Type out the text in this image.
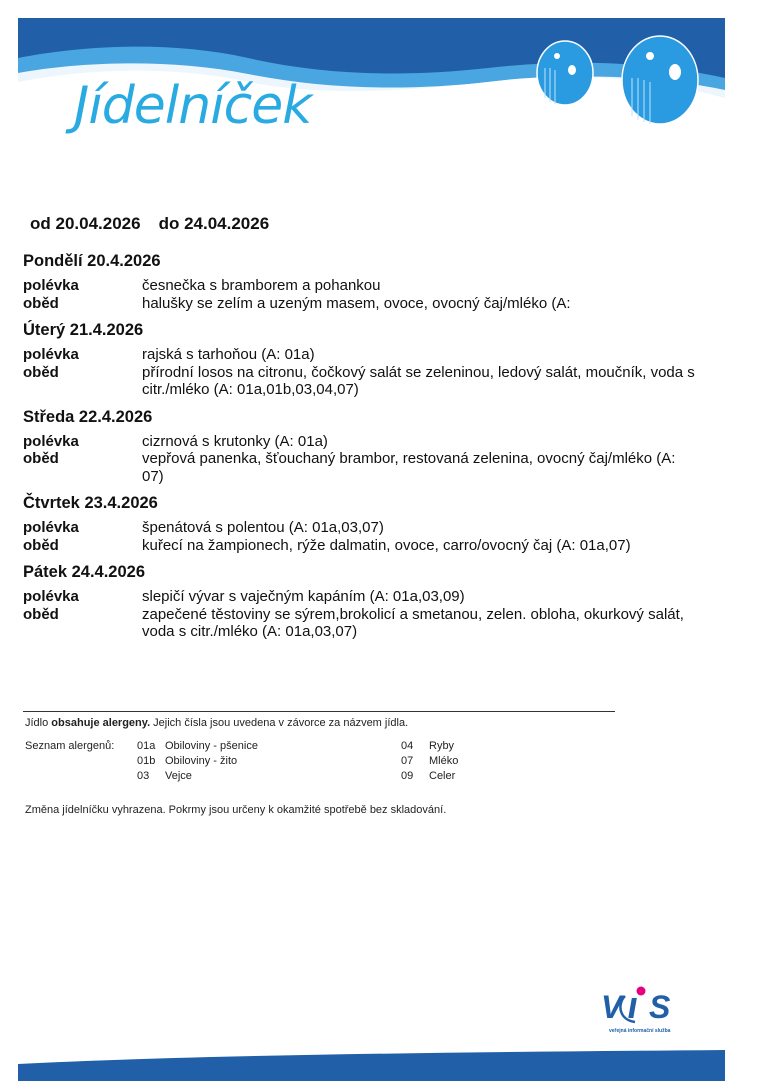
Jídelníček
od 20.04.2026 do 24.04.2026
Pondělí 20.4.2026
polévka	česnečka s bramborem a pohankou
oběd	halušky se zelím a uzeným masem, ovoce, ovocný čaj/mléko (A:
Úterý 21.4.2026
polévka	rajská s tarhoňou (A: 01a)
oběd	přírodní losos na citronu, čočkový salát se zeleninou, ledový salát, moučník, voda s citr./mléko (A: 01a,01b,03,04,07)
Středa 22.4.2026
polévka	cizrnová s krutonky (A: 01a)
oběd	vepřová panenka, šťouchaný brambor, restovaná zelenina, ovocný čaj/mléko (A: 07)
Čtvrtek 23.4.2026
polévka	špenátová s polentou (A: 01a,03,07)
oběd	kuřecí na žampionech, rýže dalmatin, ovoce, carro/ovocný čaj (A: 01a,07)
Pátek 24.4.2026
polévka	slepičí vývar s vaječným kapáním (A: 01a,03,09)
oběd	zapečené těstoviny se sýrem,brokolicí a smetanou, zelen. obloha, okurkový salát, voda s citr./mléko (A: 01a,03,07)
Jídlo obsahuje alergeny. Jejich čísla jsou uvedena v závorce za názvem jídla.
Seznam alergenů: 01a Obiloviny - pšenice
01b Obiloviny - žito
03 Vejce
04 Ryby
07 Mléko
09 Celer
Změna jídelníčku vyhrazena. Pokrmy jsou určeny k okamžité spotřebě bez skladování.
V S
veřejná informační služba
